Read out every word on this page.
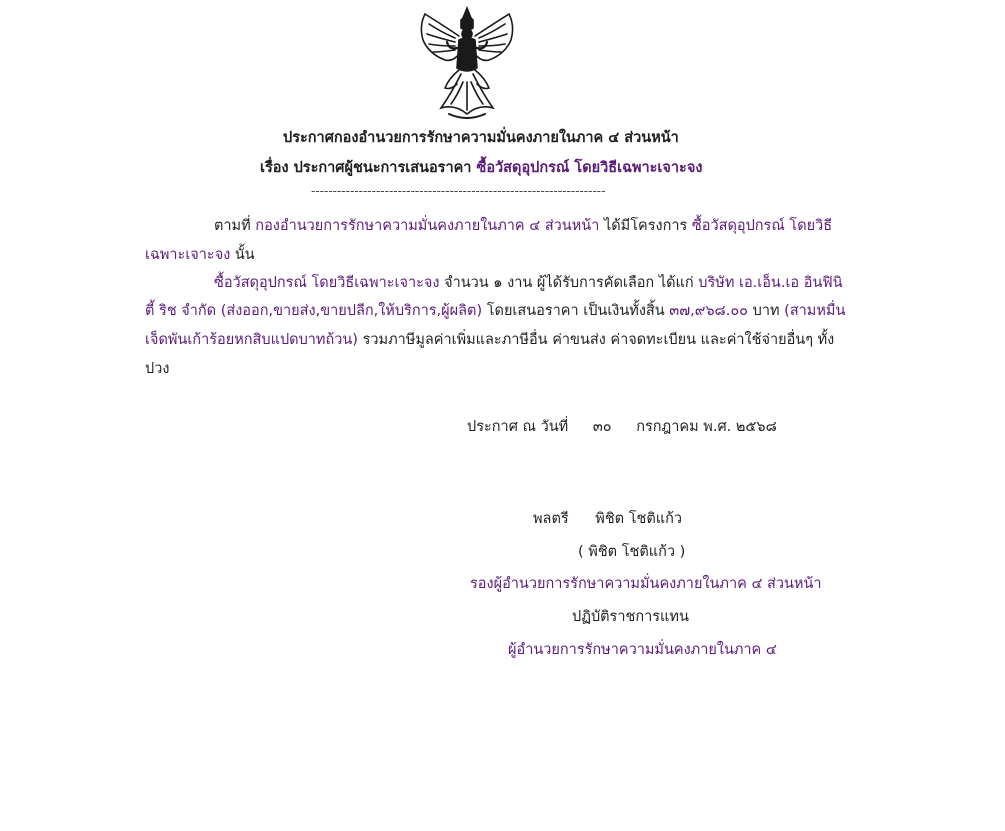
ประกาศกองอำนวยการรักษาความมั่นคงภายในภาค ๔ ส่วนหน้า
เรื่อง ประกาศผู้ชนะการเสนอราคา ซื้อวัสดุอุปกรณ์ โดยวิธีเฉพาะเจาะจง
--------------------------------------------------------------------
ตามที่ กองอำนวยการรักษาความมั่นคงภายในภาค ๔ ส่วนหน้า ได้มีโครงการ ซื้อวัสดุอุปกรณ์ โดยวิธี
เฉพาะเจาะจง นั้น
ซื้อวัสดุอุปกรณ์ โดยวิธีเฉพาะเจาะจง จำนวน ๑ งาน ผู้ได้รับการคัดเลือก ได้แก่ บริษัท เอ.เอ็น.เอ อินฟินิ
ตี้ ริช จำกัด (ส่งออก,ขายส่ง,ขายปลีก,ให้บริการ,ผู้ผลิต) โดยเสนอราคา เป็นเงินทั้งสิ้น ๓๗,๙๖๘.๐๐ บาท (สามหมื่น
เจ็ดพันเก้าร้อยหกสิบแปดบาทถ้วน) รวมภาษีมูลค่าเพิ่มและภาษีอื่น ค่าขนส่ง ค่าจดทะเบียน และค่าใช้จ่ายอื่นๆ ทั้ง
ปวง
ประกาศ ณ วันที่ ๓๐ กรกฎาคม พ.ศ. ๒๕๖๘
พลตรี พิชิต โชติแก้ว
( พิชิต โชติแก้ว )
รองผู้อำนวยการรักษาความมั่นคงภายในภาค ๔ ส่วนหน้า
ปฏิบัติราชการแทน
ผู้อำนวยการรักษาความมั่นคงภายในภาค ๔
